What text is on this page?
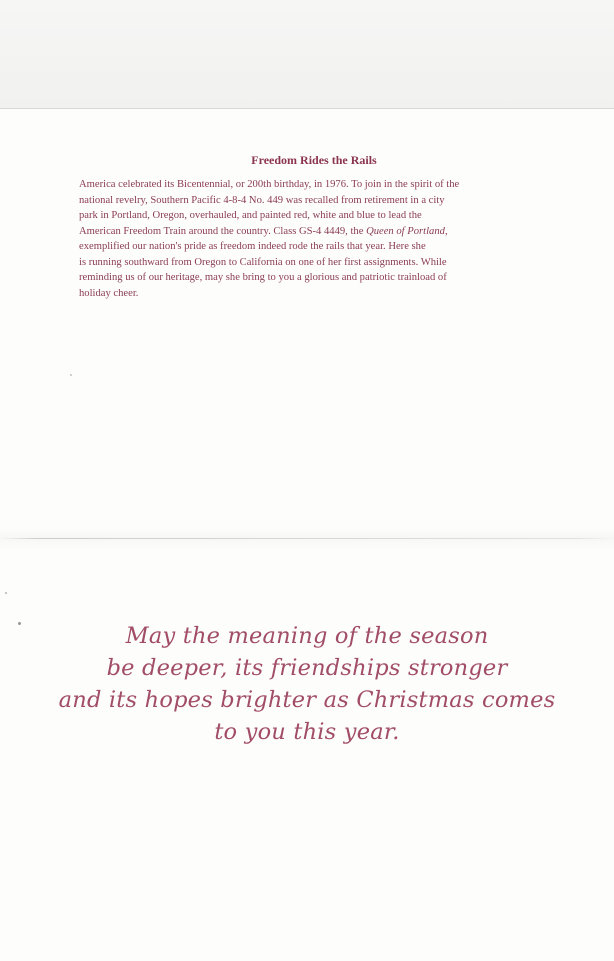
Freedom Rides the Rails
America celebrated its Bicentennial, or 200th birthday, in 1976. To join in the spirit of the
national revelry, Southern Pacific 4-8-4 No. 449 was recalled from retirement in a city
park in Portland, Oregon, overhauled, and painted red, white and blue to lead the
American Freedom Train around the country. Class GS-4 4449, the Queen of Portland,
exemplified our nation's pride as freedom indeed rode the rails that year. Here she
is running southward from Oregon to California on one of her first assignments. While
reminding us of our heritage, may she bring to you a glorious and patriotic trainload of
holiday cheer.
May the meaning of the season
be deeper, its friendships stronger
and its hopes brighter as Christmas comes
to you this year.
